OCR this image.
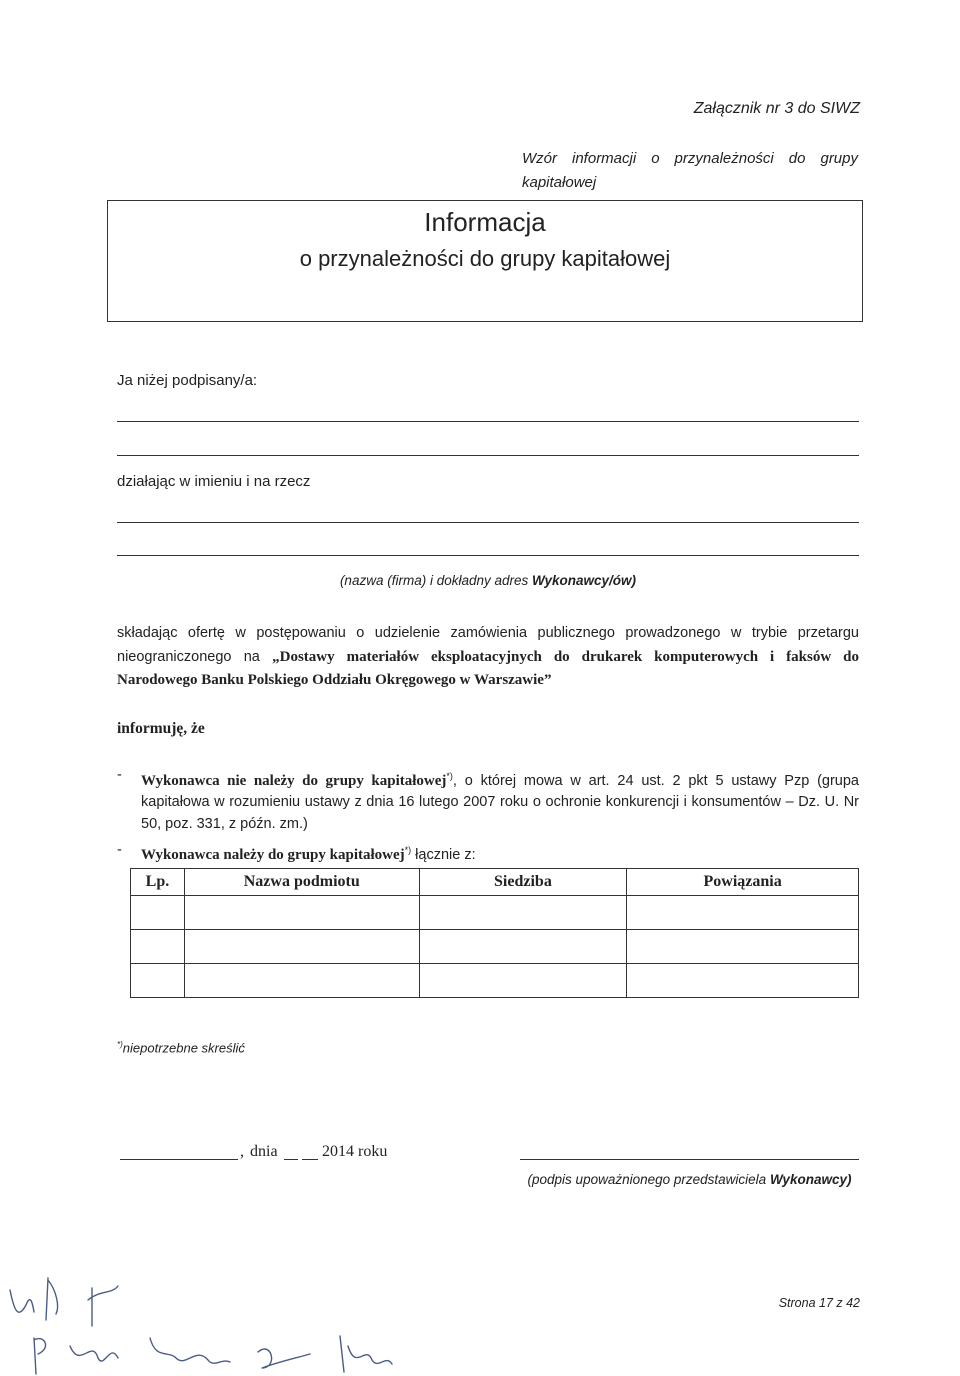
Załącznik nr 3 do SIWZ
Wzór informacji o przynależności do grupy
kapitałowej
Informacja
o przynależności do grupy kapitałowej
Ja niżej podpisany/a:
działając w imieniu i na rzecz
(nazwa (firma) i dokładny adres Wykonawcy/ów)
składając ofertę w postępowaniu o udzielenie zamówienia publicznego prowadzonego w trybie przetargu nieograniczonego na „Dostawy materiałów eksploatacyjnych do drukarek komputerowych i faksów do Narodowego Banku Polskiego Oddziału Okręgowego w Warszawie”
informuję, że
- Wykonawca nie należy do grupy kapitałowej*), o której mowa w art. 24 ust. 2 pkt 5 ustawy Pzp (grupa kapitałowa w rozumieniu ustawy z dnia 16 lutego 2007 roku o ochronie konkurencji i konsumentów – Dz. U. Nr 50, poz. 331, z późn. zm.)
- Wykonawca należy do grupy kapitałowej*) łącznie z:
Lp.	Nazwa podmiotu	Siedziba	Powiązania

*)niepotrzebne skreślić
, dnia	2014 roku
(podpis upoważnionego przedstawiciela Wykonawcy)
Strona 17 z 42
